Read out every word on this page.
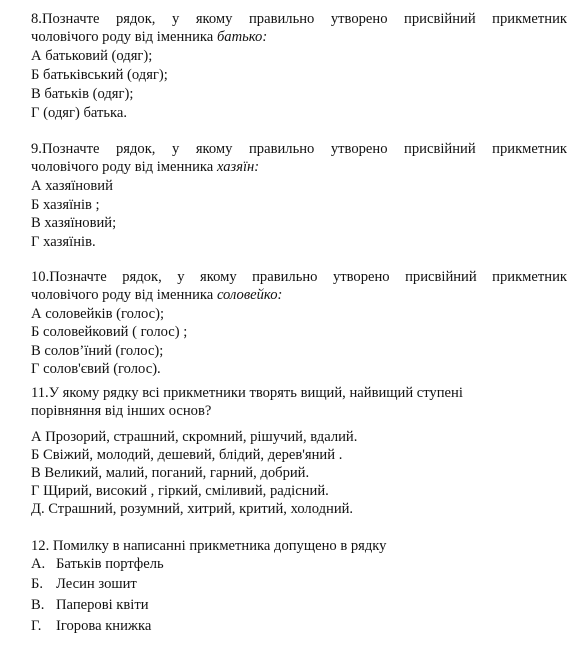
8.Позначте рядок, у якому правильно утворено присвійний прикметник
чоловічого роду від іменника батько:
А батьковий (одяг);
Б батьківський (одяг);
В батьків (одяг);
Г (одяг) батька.
9.Позначте рядок, у якому правильно утворено присвійний прикметник
чоловічого роду від іменника хазяїн:
А хазяїновий
Б хазяїнів ;
В хазяїновий;
Г хазяїнів.
10.Позначте рядок, у якому правильно утворено присвійний прикметник
чоловічого роду від іменника соловейко:
А соловейків (голос);
Б соловейковий ( голос) ;
В солов’їний (голос);
Г солов'євий (голос).
11.У якому рядку всі прикметники творять вищий, найвищий ступені
порівняння від інших основ?
А Прозорий, страшний, скромний, рішучий, вдалий.
Б Свіжий, молодий, дешевий, блідий, дерев'яний .
В Великий, малий, поганий, гарний, добрий.
Г Щирий, високий , гіркий, сміливий, радісний.
Д. Страшний, розумний, хитрий, критий, холодний.
12. Помилку в написанні прикметника допущено в рядку
А. Батьків портфель
Б. Лесин зошит
В. Паперові квіти
Г. Ігорова книжка
